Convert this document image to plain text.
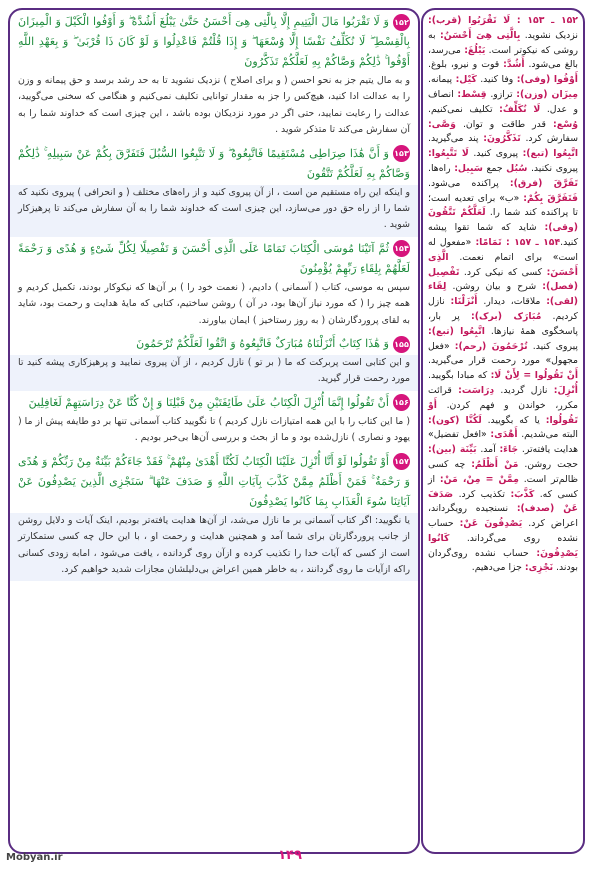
۱۵۲ ـ ۱۵۳ : لَا تَقْرَبُوا (قرب): نزدیک نشوید. بِالَّتِی هِیَ أَحْسَنُ: به روشی که نیکوتر است. یَبْلُغَ: می‌رسد، بالغ می‌شود. أَشُدَّ: قوت و نیرو، بلوغ. أَوْفُوا (وفی): وفا کنید. کَیْل: پیمانه. مِیزَان (وزن): ترازو. قِسْط: انصاف و عدل. لَا نُکَلِّفُ: تکلیف نمی‌کنیم. وُسْع: قدر طاقت و توان. وَصَّی: سفارش کرد. تَذَکَّرُونَ: پند می‌گیرید. اتَّبِعُوا (تبع): پیروی کنید. لَا تَتَّبِعُوا: پیروی نکنید. سُبُل جمع سَبِیل: راه‌ها. تَفَرَّقَ (فرق): پراکنده می‌شود. فَتَفَرَّقَ بِکُمْ: «ب» برای تعدیه است؛ تا پراکنده کند شما را. لَعَلَّکُمْ تَتَّقُونَ (وقی): شاید که شما تقوا پیشه کنید.۱۵۴ ـ ۱۵۷ : تَمَامًا: «مفعول له است» برای اتمام نعمت. الَّذِی أَحْسَنَ: کسی که نیکی کرد. تَفْصِیل (فصل): شرح و بیان روشن. لِقَاء (لقی): ملاقات، دیدار. أَنْزَلْنَا: نازل کردیم. مُبَارَک (برک): پر بار، پاسخگوی همهٔ نیازها. اتَّبِعُوا (تبع): پیروی کنید. تُرْحَمُونَ (رحم): «فعل مجهول» مورد رحمت قرار می‌گیرید. أَنْ تَقُولُوا = لِأَنْ لَا: که مبادا بگویید. أُنْزِلَ: نازل گردید. دِرَاسَت: قرائت مکرر، خواندن و فهم کردن. أَوْ تَقُولُوا: یا که بگویید. لَکُنَّا (کون): البته می‌شدیم. أَهْدَی: «افعل تفضیل» هدایت یافته‌تر. جَاءَ: آمد. بَیِّنَة (بین): حجت روشن. مَنْ أَظْلَمُ: چه کسی ظالم‌تر است. مِمَّنْ = مِنْ، مَنْ: از کسی که. کَذَّبَ: تکذیب کرد. صَدَفَ عَنْ (صدف): نسنجیده رویگرداند، اعراض کرد. یَصْدِفُونَ عَنْ: حساب نشده روی می‌گرداند. کَانُوا یَصْدِفُونَ: حساب نشده روی‌گردان بودند. نَجْزِی: جزا می‌دهیم.
۱۵۲وَ لَا تَقْرَبُوا مَالَ الْیَتِیمِ إِلَّا بِالَّتِی هِیَ أَحْسَنُ حَتَّیٰ یَبْلُغَ أَشُدَّهُ ۖ وَ أَوْفُوا الْکَیْلَ وَ الْمِیزَانَ بِالْقِسْطِ ۖ لَا نُکَلِّفُ نَفْسًا إِلَّا وُسْعَهَا ۖ وَ إِذَا قُلْتُمْ فَاعْدِلُوا وَ لَوْ کَانَ ذَا قُرْبَیٰ ۖ وَ بِعَهْدِ اللَّهِ أَوْفُوا ۚ ذَٰلِکُمْ وَصَّاکُمْ بِهِ لَعَلَّکُمْ تَذَکَّرُونَ
و به مال یتیم جز به نحو احسن ( و برای اصلاح ) نزدیک نشوید تا به حد رشد برسد و حق پیمانه و وزن را به عدالت ادا کنید، هیچ‌کس را جز به مقدار توانایی تکلیف نمی‌کنیم و هنگامی که سخنی می‌گویید، عدالت را رعایت نمایید، حتی اگر در مورد نزدیکان بوده باشد ، این چیزی است که خداوند شما را به آن سفارش می‌کند تا متذکر شوید .
۱۵۳وَ أَنَّ هَٰذَا صِرَاطِی مُسْتَقِیمًا فَاتَّبِعُوهُ ۖ وَ لَا تَتَّبِعُوا السُّبُلَ فَتَفَرَّقَ بِکُمْ عَنْ سَبِیلِهِ ۚ ذَٰلِکُمْ وَصَّاکُمْ بِهِ لَعَلَّکُمْ تَتَّقُونَ
و اینکه این راه مستقیم من است ، از آن پیروی کنید و از راه‌های مختلف ( و انحرافی ) پیروی نکنید که شما را از راه حق دور می‌سازد، این چیزی است که خداوند شما را به آن سفارش می‌کند تا پرهیزکار شوید .
۱۵۴ثُمَّ آتَیْنَا مُوسَی الْکِتَابَ تَمَامًا عَلَی الَّذِی أَحْسَنَ وَ تَفْصِیلًا لِکُلِّ شَیْءٍ وَ هُدًی وَ رَحْمَةً لَعَلَّهُمْ بِلِقَاءِ رَبِّهِمْ یُؤْمِنُونَ
سپس به موسی، کتاب ( آسمانی ) دادیم، ( نعمت خود را ) بر آن‌ها که نیکوکار بودند، تکمیل کردیم و همه چیز را ( که مورد نیاز آن‌ها بود، در آن ) روشن ساختیم، کتابی که مایهٔ هدایت و رحمت بود، شاید به لقای پروردگارشان ( به روز رستاخیز ) ایمان بیاورند.
۱۵۵وَ هَٰذَا کِتَابٌ أَنْزَلْنَاهُ مُبَارَکٌ فَاتَّبِعُوهُ وَ اتَّقُوا لَعَلَّکُمْ تُرْحَمُونَ
و این کتابی است پربرکت که ما ( بر تو ) نازل کردیم ، از آن پیروی نمایید و پرهیزکاری پیشه کنید تا مورد رحمت قرار گیرید.
۱۵۶أَنْ تَقُولُوا إِنَّمَا أُنْزِلَ الْکِتَابُ عَلَیٰ طَائِفَتَیْنِ مِنْ قَبْلِنَا وَ إِنْ کُنَّا عَنْ دِرَاسَتِهِمْ لَغَافِلِینَ
( ما این کتاب را با این همه امتیازات نازل کردیم ) تا نگویید کتاب آسمانی تنها بر دو طایفه پیش از ما ( یهود و نصاری ) نازل‌شده بود و ما از بحث و بررسی آن‌ها بی‌خبر بودیم .
۱۵۷أَوْ تَقُولُوا لَوْ أَنَّا أُنْزِلَ عَلَیْنَا الْکِتَابُ لَکُنَّا أَهْدَیٰ مِنْهُمْ ۚ فَقَدْ جَاءَکُمْ بَیِّنَةٌ مِنْ رَبِّکُمْ وَ هُدًی وَ رَحْمَةٌ ۚ فَمَنْ أَظْلَمُ مِمَّنْ کَذَّبَ بِآیَاتِ اللَّهِ وَ صَدَفَ عَنْهَا ۗ سَنَجْزِی الَّذِینَ یَصْدِفُونَ عَنْ آیَاتِنَا سُوءَ الْعَذَابِ بِمَا کَانُوا یَصْدِفُونَ
یا نگویید: اگر کتاب آسمانی بر ما نازل می‌شد، از آن‌ها هدایت یافته‌تر بودیم، اینک آیات و دلایل روشن از جانب پروردگارتان برای شما آمد و همچنین هدایت و رحمت او ، با این حال چه کسی ستمکارتر است از کسی که آیات خدا را تکذیب کرده و ازآن روی گردانده ، یافت می‌شود ، امابه زودی کسانی راکه ازآیات ما روی گردانند ، به خاطر همین اعراض بی‌دلیلشان مجازات شدید خواهیم کرد.
۱۴۹
Mobyan.ir
